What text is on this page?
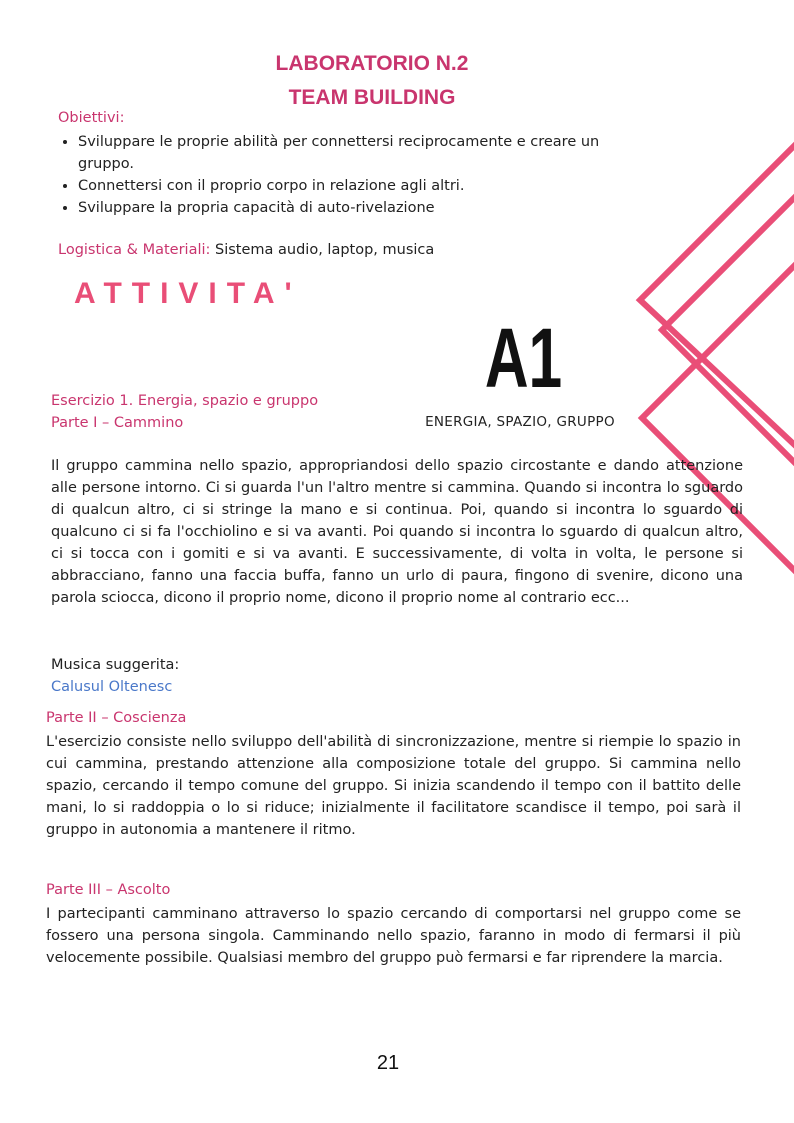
LABORATORIO N.2
TEAM BUILDING
Obiettivi:
• Sviluppare le proprie abilità per connettersi reciprocamente e creare un gruppo.
• Connettersi con il proprio corpo in relazione agli altri.
• Sviluppare la propria capacità di auto-rivelazione
Logistica & Materiali: Sistema audio, laptop, musica
ATTIVITA'
A1
ENERGIA, SPAZIO, GRUPPO
Esercizio 1. Energia, spazio e gruppo
Parte I – Cammino
Il gruppo cammina nello spazio, appropriandosi dello spazio circostante e dando attenzione alle persone intorno. Ci si guarda l'un l'altro mentre si cammina. Quando si incontra lo sguardo di qualcun altro, ci si stringe la mano e si continua. Poi, quando si incontra lo sguardo di qualcuno ci si fa l'occhiolino e si va avanti. Poi quando si incontra lo sguardo di qualcun altro, ci si tocca con i gomiti e si va avanti. E successivamente, di volta in volta, le persone si abbracciano, fanno una faccia buffa, fanno un urlo di paura, fingono di svenire, dicono una parola sciocca, dicono il proprio nome, dicono il proprio nome al contrario ecc...
Musica suggerita:
Calusul Oltenesc
Parte II – Coscienza
L'esercizio consiste nello sviluppo dell'abilità di sincronizzazione, mentre si riempie lo spazio in cui cammina, prestando attenzione alla composizione totale del gruppo. Si cammina nello spazio, cercando il tempo comune del gruppo. Si inizia scandendo il tempo con il battito delle mani, lo si raddoppia o lo si riduce; inizialmente il facilitatore scandisce il tempo, poi sarà il gruppo in autonomia a mantenere il ritmo.
Parte III – Ascolto
I partecipanti camminano attraverso lo spazio cercando di comportarsi nel gruppo come se fossero una persona singola. Camminando nello spazio, faranno in modo di fermarsi il più velocemente possibile. Qualsiasi membro del gruppo può fermarsi e far riprendere la marcia.
21
